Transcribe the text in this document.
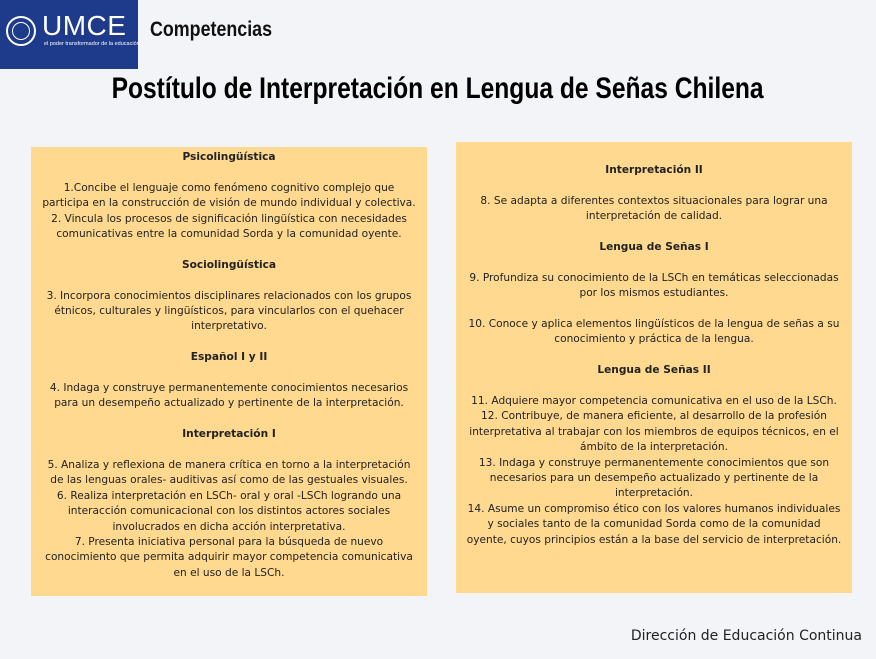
UMCE
el poder transformador de la educación
Competencias
Postítulo de Interpretación en Lengua de Señas Chilena

Psicolingüística

1.Concibe el lenguaje como fenómeno cognitivo complejo que participa en la construcción de visión de mundo individual y colectiva.

2. Vincula los procesos de significación lingüística con necesidades comunicativas entre la comunidad Sorda y la comunidad oyente.

Sociolingüística

3. Incorpora conocimientos disciplinares relacionados con los grupos étnicos, culturales y lingüísticos, para vincularlos con el quehacer interpretativo.

Español I y II

4. Indaga y construye permanentemente conocimientos necesarios para un desempeño actualizado y pertinente de la interpretación.

Interpretación I

5. Analiza y reflexiona de manera crítica en torno a la interpretación de las lenguas orales- auditivas así como de las gestuales visuales.

6. Realiza interpretación en LSCh- oral y oral -LSCh logrando una interacción comunicacional con los distintos actores sociales involucrados en dicha acción interpretativa.

7. Presenta iniciativa personal para la búsqueda de nuevo conocimiento que permita adquirir mayor competencia comunicativa en el uso de la LSCh.

Interpretación II

8. Se adapta a diferentes contextos situacionales para lograr una interpretación de calidad.

Lengua de Señas I

9. Profundiza su conocimiento de la LSCh en temáticas seleccionadas por los mismos estudiantes.

10. Conoce y aplica elementos lingüísticos de la lengua de señas a su conocimiento y práctica de la lengua.

Lengua de Señas II

11. Adquiere mayor competencia comunicativa en el uso de la LSCh.

12. Contribuye, de manera eficiente, al desarrollo de la profesión interpretativa al trabajar con los miembros de equipos técnicos, en el ámbito de la interpretación.

13. Indaga y construye permanentemente conocimientos que son necesarios para un desempeño actualizado y pertinente de la interpretación.

14. Asume un compromiso ético con los valores humanos individuales y sociales tanto de la comunidad Sorda como de la comunidad oyente, cuyos principios están a la base del servicio de interpretación.

Dirección de Educación Continua
